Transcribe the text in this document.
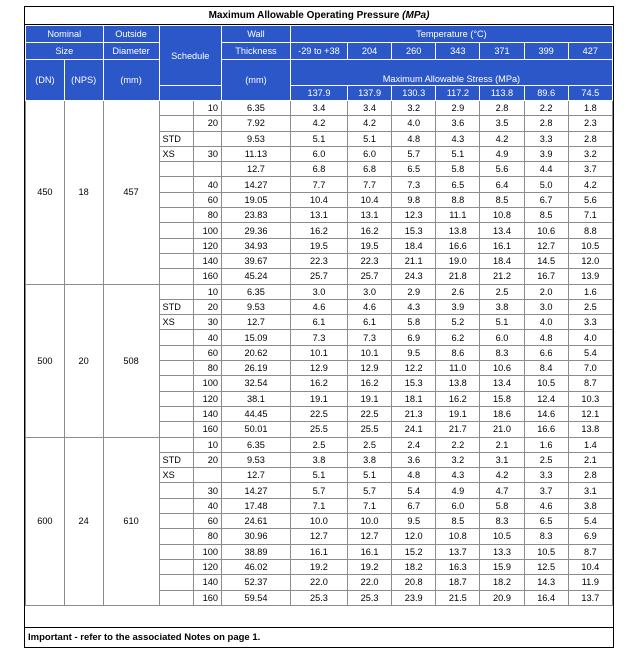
Maximum Allowable Operating Pressure (MPa)
Nominal		Outside	Schedule		Wall	Temperature (°C)						
Size		Diameter			Thickness	-29 to +38	204	260	343	371	399	427
(DN)	(NPS)	(mm)			(mm)	Maximum Allowable Stress (MPa)						
						137.9	137.9	130.3	117.2	113.8	89.6	74.5
450	18	457		10	6.35	3.4	3.4	3.2	2.9	2.8	2.2	1.8
				20	7.92	4.2	4.2	4.0	3.6	3.5	2.8	2.3
			STD		9.53	5.1	5.1	4.8	4.3	4.2	3.3	2.8
			XS	30	11.13	6.0	6.0	5.7	5.1	4.9	3.9	3.2
					12.7	6.8	6.8	6.5	5.8	5.6	4.4	3.7
				40	14.27	7.7	7.7	7.3	6.5	6.4	5.0	4.2
				60	19.05	10.4	10.4	9.8	8.8	8.5	6.7	5.6
				80	23.83	13.1	13.1	12.3	11.1	10.8	8.5	7.1
				100	29.36	16.2	16.2	15.3	13.8	13.4	10.6	8.8
				120	34.93	19.5	19.5	18.4	16.6	16.1	12.7	10.5
				140	39.67	22.3	22.3	21.1	19.0	18.4	14.5	12.0
				160	45.24	25.7	25.7	24.3	21.8	21.2	16.7	13.9
500	20	508		10	6.35	3.0	3.0	2.9	2.6	2.5	2.0	1.6
			STD	20	9.53	4.6	4.6	4.3	3.9	3.8	3.0	2.5
			XS	30	12.7	6.1	6.1	5.8	5.2	5.1	4.0	3.3
				40	15.09	7.3	7.3	6.9	6.2	6.0	4.8	4.0
				60	20.62	10.1	10.1	9.5	8.6	8.3	6.6	5.4
				80	26.19	12.9	12.9	12.2	11.0	10.6	8.4	7.0
				100	32.54	16.2	16.2	15.3	13.8	13.4	10.5	8.7
				120	38.1	19.1	19.1	18.1	16.2	15.8	12.4	10.3
				140	44.45	22.5	22.5	21.3	19.1	18.6	14.6	12.1
				160	50.01	25.5	25.5	24.1	21.7	21.0	16.6	13.8
600	24	610		10	6.35	2.5	2.5	2.4	2.2	2.1	1.6	1.4
			STD	20	9.53	3.8	3.8	3.6	3.2	3.1	2.5	2.1
			XS		12.7	5.1	5.1	4.8	4.3	4.2	3.3	2.8
				30	14.27	5.7	5.7	5.4	4.9	4.7	3.7	3.1
				40	17.48	7.1	7.1	6.7	6.0	5.8	4.6	3.8
				60	24.61	10.0	10.0	9.5	8.5	8.3	6.5	5.4
				80	30.96	12.7	12.7	12.0	10.8	10.5	8.3	6.9
				100	38.89	16.1	16.1	15.2	13.7	13.3	10.5	8.7
				120	46.02	19.2	19.2	18.2	16.3	15.9	12.5	10.4
				140	52.37	22.0	22.0	20.8	18.7	18.2	14.3	11.9
				160	59.54	25.3	25.3	23.9	21.5	20.9	16.4	13.7
Important - refer to the associated Notes on page 1.
